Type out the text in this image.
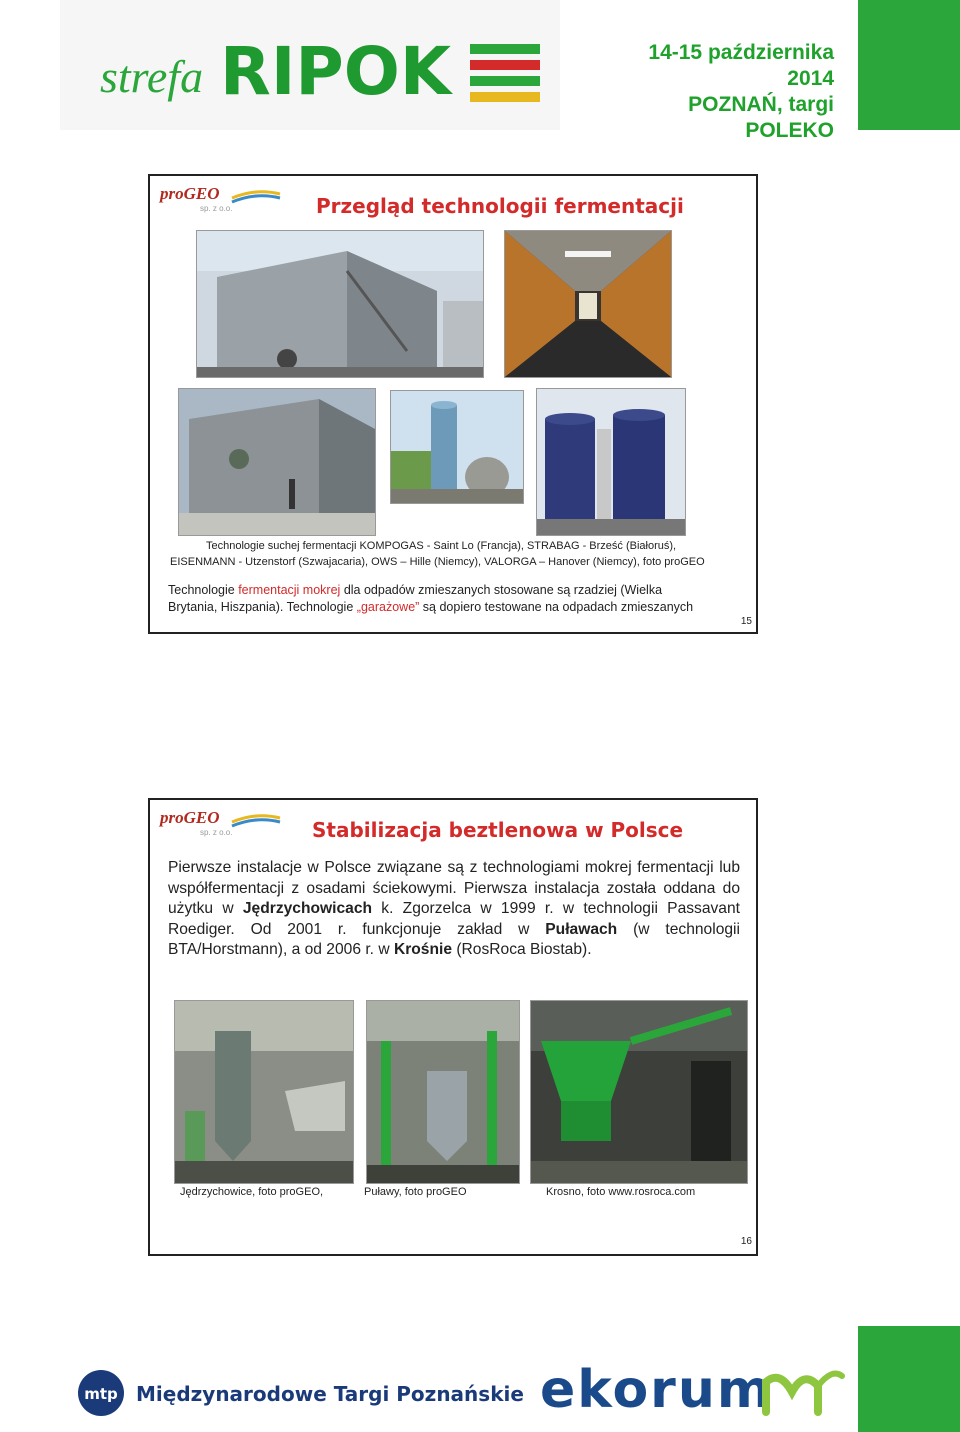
strefa RIPOK	14-15 października
2014
POZNAŃ, targi
POLEKO
proGEO
sp. z o.o.	Przegląd technologii fermentacji
Technologie suchej fermentacji KOMPOGAS - Saint Lo (Francja), STRABAG - Brześć (Białoruś),
EISENMANN - Utzenstorf (Szwajacaria), OWS – Hille (Niemcy), VALORGA – Hanover (Niemcy), foto proGEO
Technologie fermentacji mokrej dla odpadów zmieszanych stosowane są rzadziej (Wielka
Brytania, Hiszpania). Technologie „garażowe” są dopiero testowane na odpadach zmieszanych
15
proGEO
sp. z o.o.	Stabilizacja beztlenowa w Polsce
Pierwsze instalacje w Polsce związane są z technologiami mokrej fermentacji lub współfermentacji z osadami ściekowymi. Pierwsza instalacja została oddana do użytku w Jędrzychowicach k. Zgorzelca w 1999 r. w technologii Passavant Roediger. Od 2001 r. funkcjonuje zakład w Puławach (w technologii BTA/Horstmann), a od 2006 r. w Krośnie (RosRoca Biostab).
Jędrzychowice, foto proGEO,	Puławy, foto proGEO	Krosno, foto www.rosroca.com
16
mtp Międzynarodowe Targi Poznańskie ekorum
